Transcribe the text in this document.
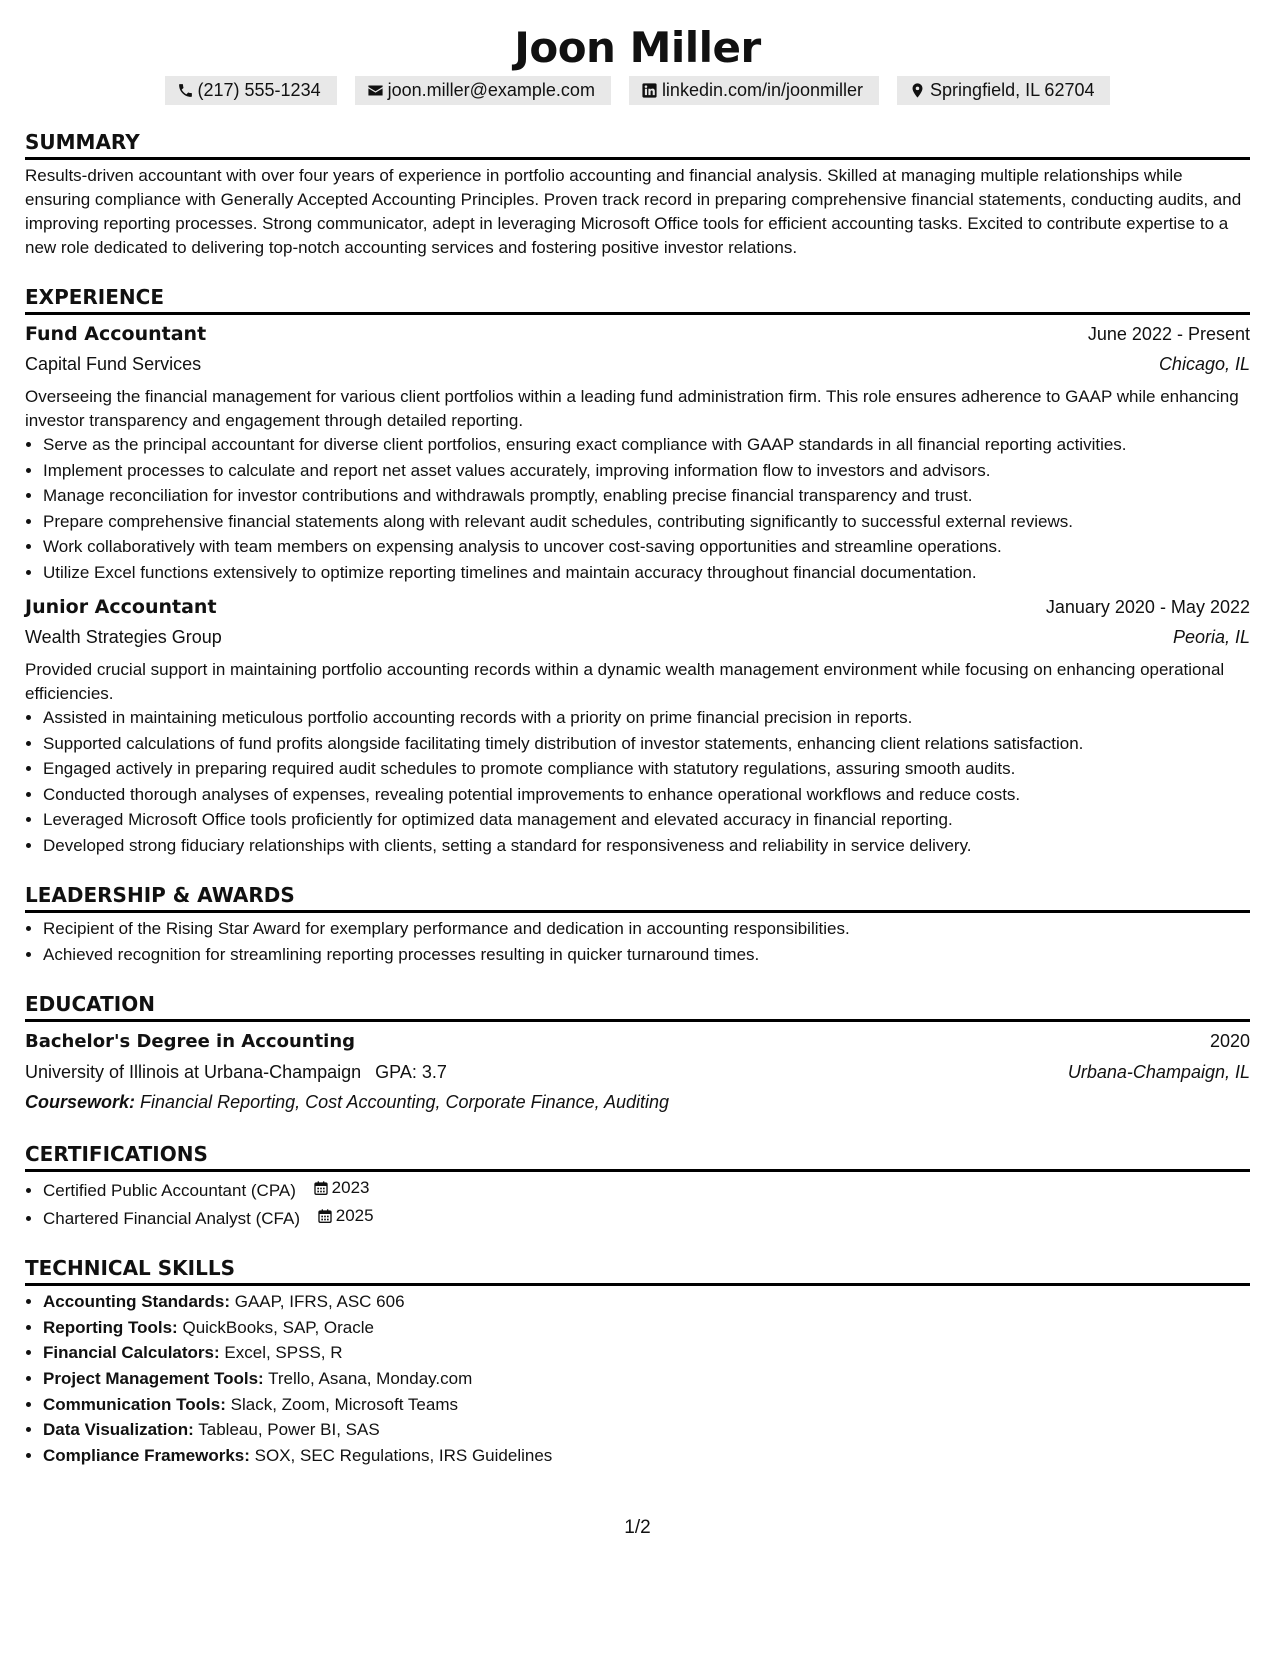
Joon Miller
(217) 555-1234	joon.miller@example.com	linkedin.com/in/joonmiller	Springfield, IL 62704
SUMMARY

Results-driven accountant with over four years of experience in portfolio accounting and financial analysis. Skilled at managing multiple relationships while ensuring compliance with Generally Accepted Accounting Principles. Proven track record in preparing comprehensive financial statements, conducting audits, and improving reporting processes. Strong communicator, adept in leveraging Microsoft Office tools for efficient accounting tasks. Excited to contribute expertise to a new role dedicated to delivering top-notch accounting services and fostering positive investor relations.

EXPERIENCE
Fund Accountant	June 2022 - Present
Capital Fund Services	Chicago, IL

Overseeing the financial management for various client portfolios within a leading fund administration firm. This role ensures adherence to GAAP while enhancing investor transparency and engagement through detailed reporting.

• Serve as the principal accountant for diverse client portfolios, ensuring exact compliance with GAAP standards in all financial reporting activities.
• Implement processes to calculate and report net asset values accurately, improving information flow to investors and advisors.
• Manage reconciliation for investor contributions and withdrawals promptly, enabling precise financial transparency and trust.
• Prepare comprehensive financial statements along with relevant audit schedules, contributing significantly to successful external reviews.
• Work collaboratively with team members on expensing analysis to uncover cost-saving opportunities and streamline operations.
• Utilize Excel functions extensively to optimize reporting timelines and maintain accuracy throughout financial documentation.
Junior Accountant	January 2020 - May 2022
Wealth Strategies Group	Peoria, IL

Provided crucial support in maintaining portfolio accounting records within a dynamic wealth management environment while focusing on enhancing operational efficiencies.

• Assisted in maintaining meticulous portfolio accounting records with a priority on prime financial precision in reports.
• Supported calculations of fund profits alongside facilitating timely distribution of investor statements, enhancing client relations satisfaction.
• Engaged actively in preparing required audit schedules to promote compliance with statutory regulations, assuring smooth audits.
• Conducted thorough analyses of expenses, revealing potential improvements to enhance operational workflows and reduce costs.
• Leveraged Microsoft Office tools proficiently for optimized data management and elevated accuracy in financial reporting.
• Developed strong fiduciary relationships with clients, setting a standard for responsiveness and reliability in service delivery.
LEADERSHIP & AWARDS
• Recipient of the Rising Star Award for exemplary performance and dedication in accounting responsibilities.
• Achieved recognition for streamlining reporting processes resulting in quicker turnaround times.
EDUCATION
Bachelor's Degree in Accounting	2020
University of Illinois at Urbana-Champaign GPA: 3.7	Urbana-Champaign, IL
Coursework: Financial Reporting, Cost Accounting, Corporate Finance, Auditing
CERTIFICATIONS
• Certified Public Accountant (CPA) 2023
• Chartered Financial Analyst (CFA) 2025
TECHNICAL SKILLS
• Accounting Standards: GAAP, IFRS, ASC 606
• Reporting Tools: QuickBooks, SAP, Oracle
• Financial Calculators: Excel, SPSS, R
• Project Management Tools: Trello, Asana, Monday.com
• Communication Tools: Slack, Zoom, Microsoft Teams
• Data Visualization: Tableau, Power BI, SAS
• Compliance Frameworks: SOX, SEC Regulations, IRS Guidelines
1/2
